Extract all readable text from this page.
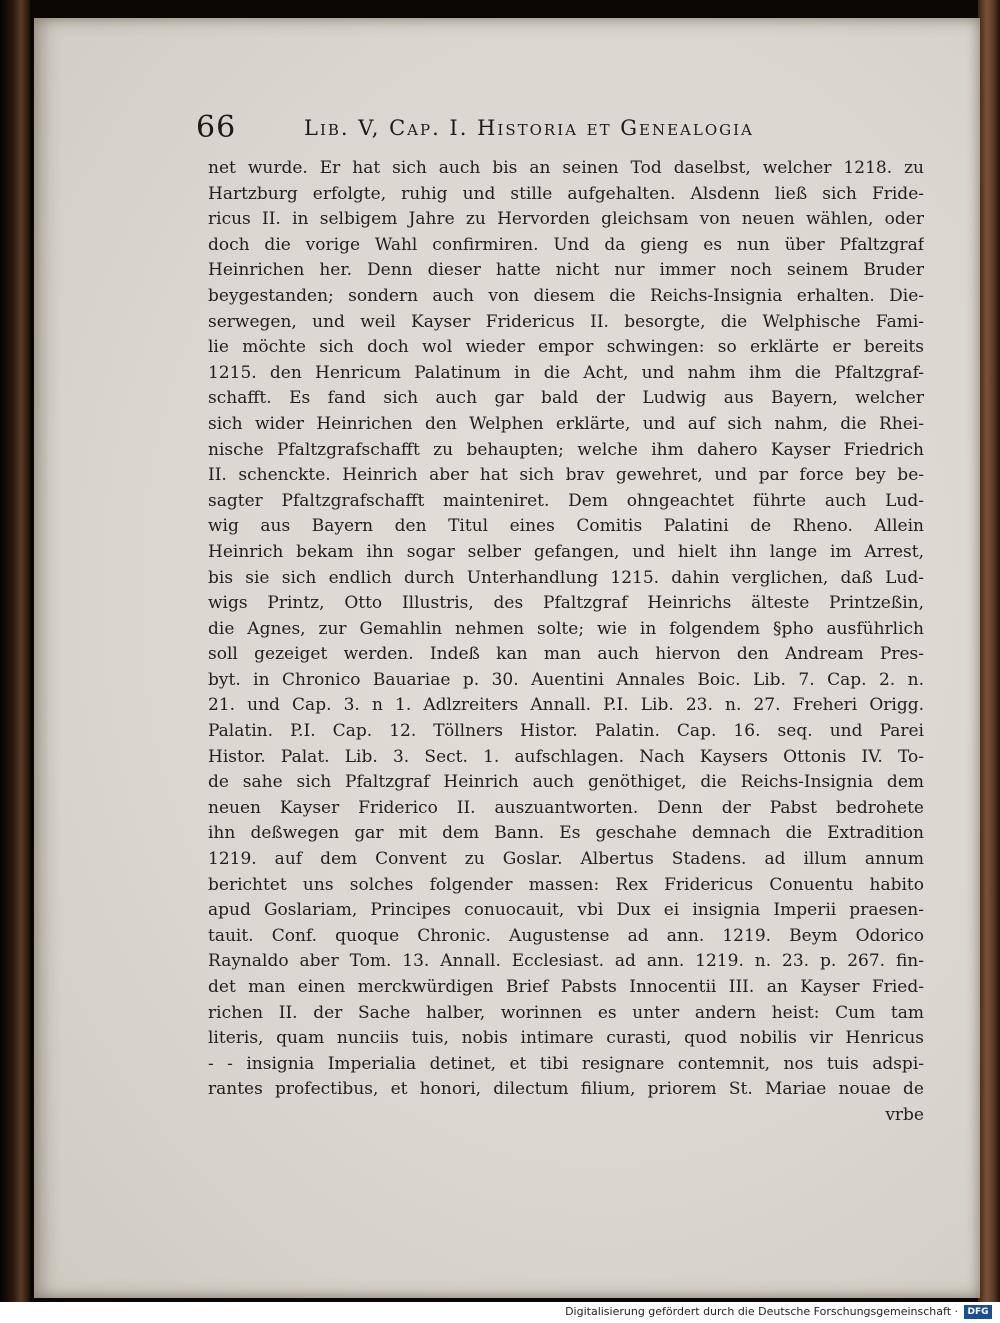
66	Lib. V, Cap. I. Historia et Genealogia
net wurde. Er hat sich auch bis an seinen Tod daselbst, welcher 1218. zu
Hartzburg erfolgte, ruhig und stille aufgehalten. Alsdenn ließ sich Fride-
ricus II. in selbigem Jahre zu Hervorden gleichsam von neuen wählen, oder
doch die vorige Wahl confirmiren. Und da gieng es nun über Pfaltzgraf
Heinrichen her. Denn dieser hatte nicht nur immer noch seinem Bruder
beygestanden; sondern auch von diesem die Reichs-Insignia erhalten. Die-
serwegen, und weil Kayser Fridericus II. besorgte, die Welphische Fami-
lie möchte sich doch wol wieder empor schwingen: so erklärte er bereits
1215. den Henricum Palatinum in die Acht, und nahm ihm die Pfaltzgraf-
schafft. Es fand sich auch gar bald der Ludwig aus Bayern, welcher
sich wider Heinrichen den Welphen erklärte, und auf sich nahm, die Rhei-
nische Pfaltzgrafschafft zu behaupten; welche ihm dahero Kayser Friedrich
II. schenckte. Heinrich aber hat sich brav gewehret, und par force bey be-
sagter Pfaltzgrafschafft mainteniret. Dem ohngeachtet führte auch Lud-
wig aus Bayern den Titul eines Comitis Palatini de Rheno. Allein
Heinrich bekam ihn sogar selber gefangen, und hielt ihn lange im Arrest,
bis sie sich endlich durch Unterhandlung 1215. dahin verglichen, daß Lud-
wigs Printz, Otto Illustris, des Pfaltzgraf Heinrichs älteste Printzeßin,
die Agnes, zur Gemahlin nehmen solte; wie in folgendem §pho ausführlich
soll gezeiget werden. Indeß kan man auch hiervon den Andream Pres-
byt. in Chronico Bauariae p. 30. Auentini Annales Boic. Lib. 7. Cap. 2. n.
21. und Cap. 3. n 1. Adlzreiters Annall. P.I. Lib. 23. n. 27. Freheri Origg.
Palatin. P.I. Cap. 12. Töllners Histor. Palatin. Cap. 16. seq. und Parei
Histor. Palat. Lib. 3. Sect. 1. aufschlagen. Nach Kaysers Ottonis IV. To-
de sahe sich Pfaltzgraf Heinrich auch genöthiget, die Reichs-Insignia dem
neuen Kayser Friderico II. auszuantworten. Denn der Pabst bedrohete
ihn deßwegen gar mit dem Bann. Es geschahe demnach die Extradition
1219. auf dem Convent zu Goslar. Albertus Stadens. ad illum annum
berichtet uns solches folgender massen: Rex Fridericus Conuentu habito
apud Goslariam, Principes conuocauit, vbi Dux ei insignia Imperii praesen-
tauit. Conf. quoque Chronic. Augustense ad ann. 1219. Beym Odorico
Raynaldo aber Tom. 13. Annall. Ecclesiast. ad ann. 1219. n. 23. p. 267. fin-
det man einen merckwürdigen Brief Pabsts Innocentii III. an Kayser Fried-
richen II. der Sache halber, worinnen es unter andern heist: Cum tam
literis, quam nunciis tuis, nobis intimare curasti, quod nobilis vir Henricus
- - insignia Imperialia detinet, et tibi resignare contemnit, nos tuis adspi-
rantes profectibus, et honori, dilectum filium, priorem St. Mariae nouae de
vrbe
Digitalisierung gefördert durch die Deutsche Forschungsgemeinschaft ·	DFG
